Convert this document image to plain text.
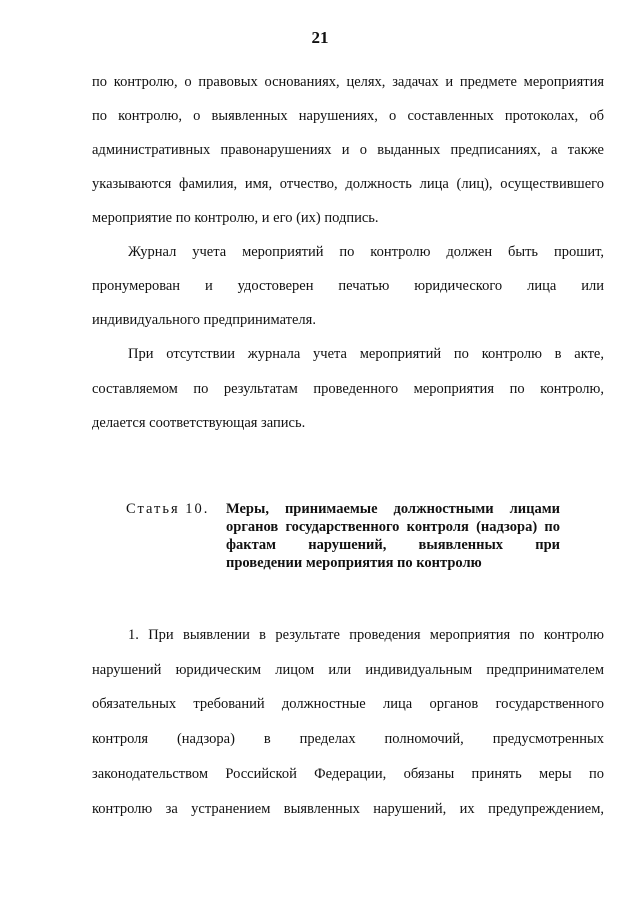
21
по контролю, о правовых основаниях, целях, задачах и предмете мероприятия
по контролю, о выявленных нарушениях, о составленных протоколах, об
административных правонарушениях и о выданных предписаниях, а также
указываются фамилия, имя, отчество, должность лица (лиц), осуществившего
мероприятие по контролю, и его (их) подпись.
Журнал учета мероприятий по контролю должен быть прошит,
пронумерован и удостоверен печатью юридического лица или
индивидуального предпринимателя.
При отсутствии журнала учета мероприятий по контролю в акте,
составляемом по результатам проведенного мероприятия по контролю,
делается соответствующая запись.
Статья 10. Меры, принимаемые должностными лицами
органов государственного контроля (надзора) по
фактам нарушений, выявленных при
проведении мероприятия по контролю
1. При выявлении в результате проведения мероприятия по контролю
нарушений юридическим лицом или индивидуальным предпринимателем
обязательных требований должностные лица органов государственного
контроля (надзора) в пределах полномочий, предусмотренных
законодательством Российской Федерации, обязаны принять меры по
контролю за устранением выявленных нарушений, их предупреждением,
